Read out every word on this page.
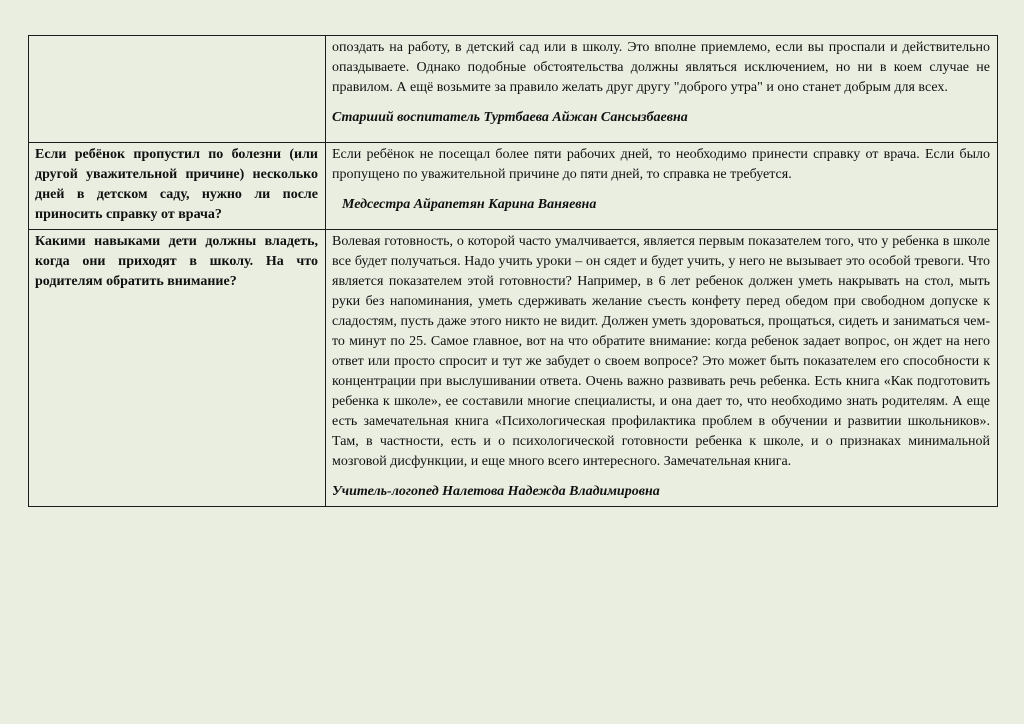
	опоздать на работу, в детский сад или в школу. Это вполне приемлемо, если вы проспали и действительно опаздываете. Однако подобные обстоятельства должны являться исключением, но ни в коем случае не правилом. А ещё возьмите за правило желать друг другу "доброго утра" и оно станет добрым для всех.
Старший воспитатель Туртбаева Айжан Сансызбаевна

Если ребёнок пропустил по болезни (или другой уважительной причине) несколько дней в детском саду, нужно ли после приносить справку от врача?	Если ребёнок не посещал более пяти рабочих дней, то необходимо принести справку от врача. Если было пропущено по уважительной причине до пяти дней, то справка не требуется.
Медсестра Айрапетян Карина Ваняевна

Какими навыками дети должны владеть, когда они приходят в школу. На что родителям обратить внимание?	Волевая готовность, о которой часто умалчивается, является первым показателем того, что у ребенка в школе все будет получаться. Надо учить уроки – он сядет и будет учить, у него не вызывает это особой тревоги. Что является показателем этой готовности? Например, в 6 лет ребенок должен уметь накрывать на стол, мыть руки без напоминания, уметь сдерживать желание съесть конфету перед обедом при свободном допуске к сладостям, пусть даже этого никто не видит. Должен уметь здороваться, прощаться, сидеть и заниматься чем-то минут по 25. Самое главное, вот на что обратите внимание: когда ребенок задает вопрос, он ждет на него ответ или просто спросит и тут же забудет о своем вопросе? Это может быть показателем его способности к концентрации при выслушивании ответа. Очень важно развивать речь ребенка. Есть книга «Как подготовить ребенка к школе», ее составили многие специалисты, и она дает то, что необходимо знать родителям. А еще есть замечательная книга «Психологическая профилактика проблем в обучении и развитии школьников». Там, в частности, есть и о психологической готовности ребенка к школе, и о признаках минимальной мозговой дисфункции, и еще много всего интересного. Замечательная книга.
Учитель-логопед Налетова Надежда Владимировна
